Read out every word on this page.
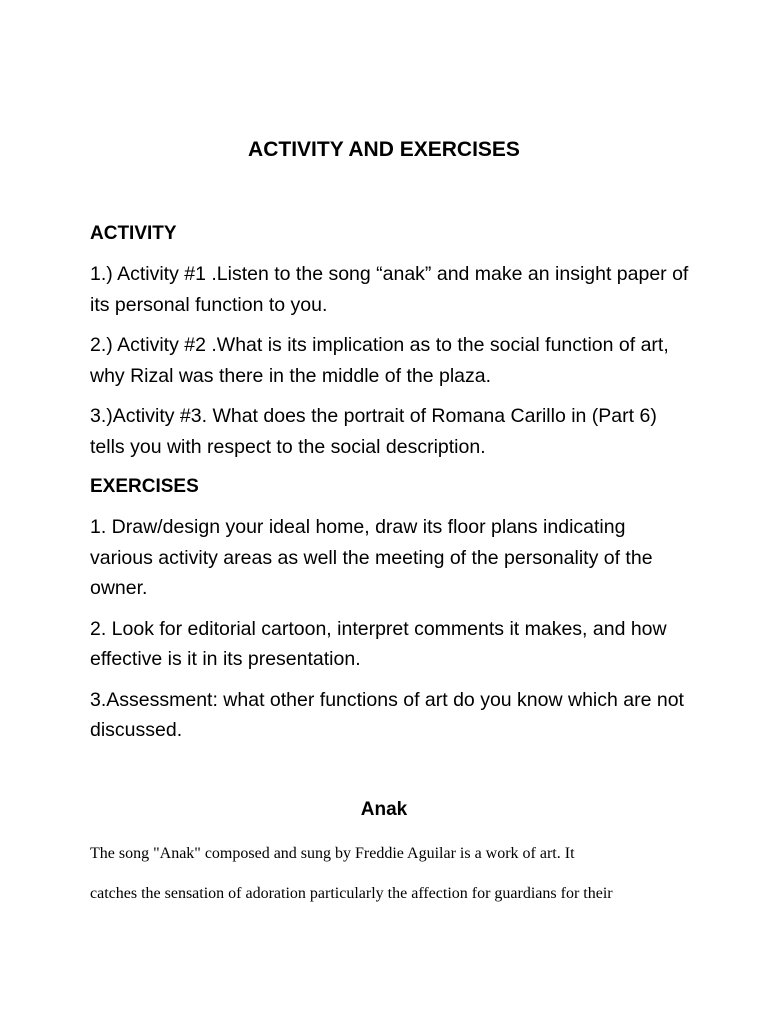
ACTIVITY AND EXERCISES

ACTIVITY

1.) Activity #1 .Listen to the song “anak” and make an insight paper of its personal function to you.

2.) Activity #2 .What is its implication as to the social function of art, why Rizal was there in the middle of the plaza.

3.)Activity #3. What does the portrait of Romana Carillo in (Part 6) tells you with respect to the social description.

EXERCISES

1. Draw/design your ideal home, draw its floor plans indicating various activity areas as well the meeting of the personality of the owner.

2. Look for editorial cartoon, interpret comments it makes, and how effective is it in its presentation.

3.Assessment: what other functions of art do you know which are not discussed.

Anak

The song "Anak" composed and sung by Freddie Aguilar is a work of art. It
catches the sensation of adoration particularly the affection for guardians for their
